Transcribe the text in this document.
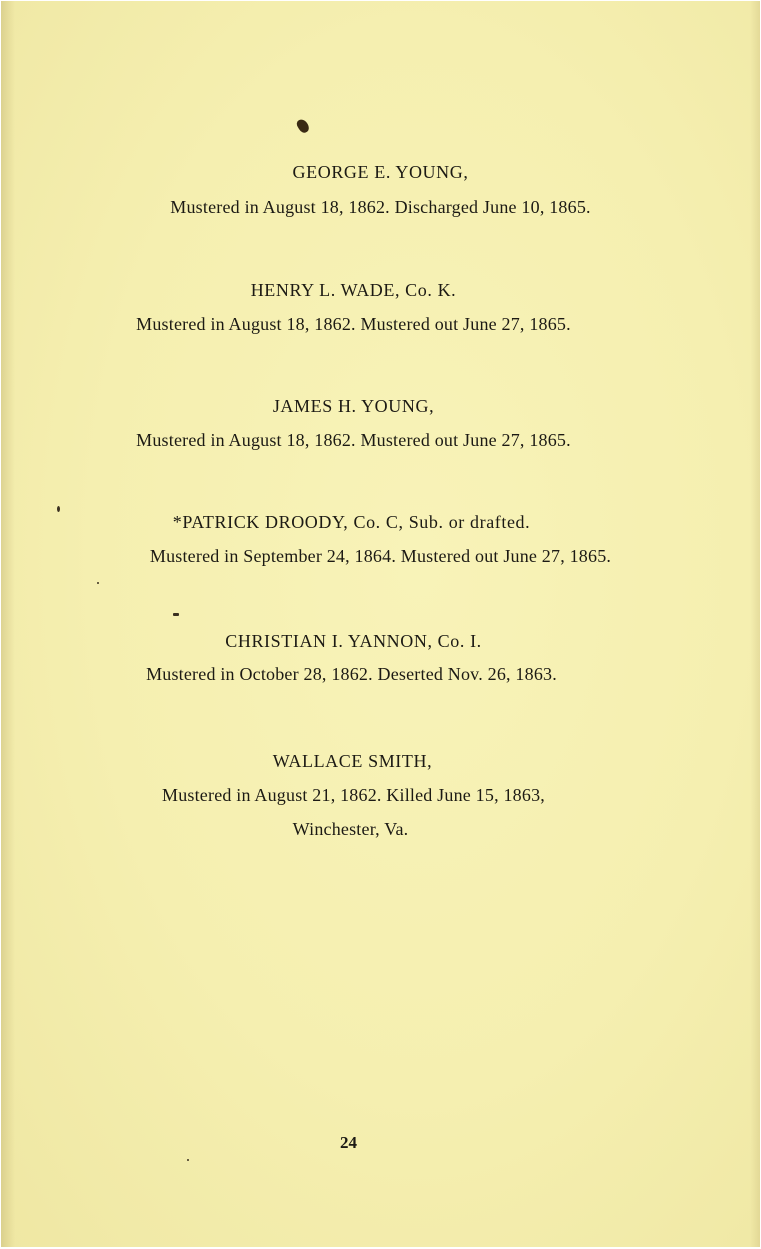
GEORGE E. YOUNG,
Mustered in August 18, 1862. Discharged June 10, 1865.
HENRY L. WADE, Co. K.
Mustered in August 18, 1862. Mustered out June 27, 1865.
JAMES H. YOUNG,
Mustered in August 18, 1862. Mustered out June 27, 1865.
*PATRICK DROODY, Co. C, Sub. or drafted.
Mustered in September 24, 1864. Mustered out June 27, 1865.
CHRISTIAN I. YANNON, Co. I.
Mustered in October 28, 1862. Deserted Nov. 26, 1863.
WALLACE SMITH,
Mustered in August 21, 1862. Killed June 15, 1863,
Winchester, Va.
24
